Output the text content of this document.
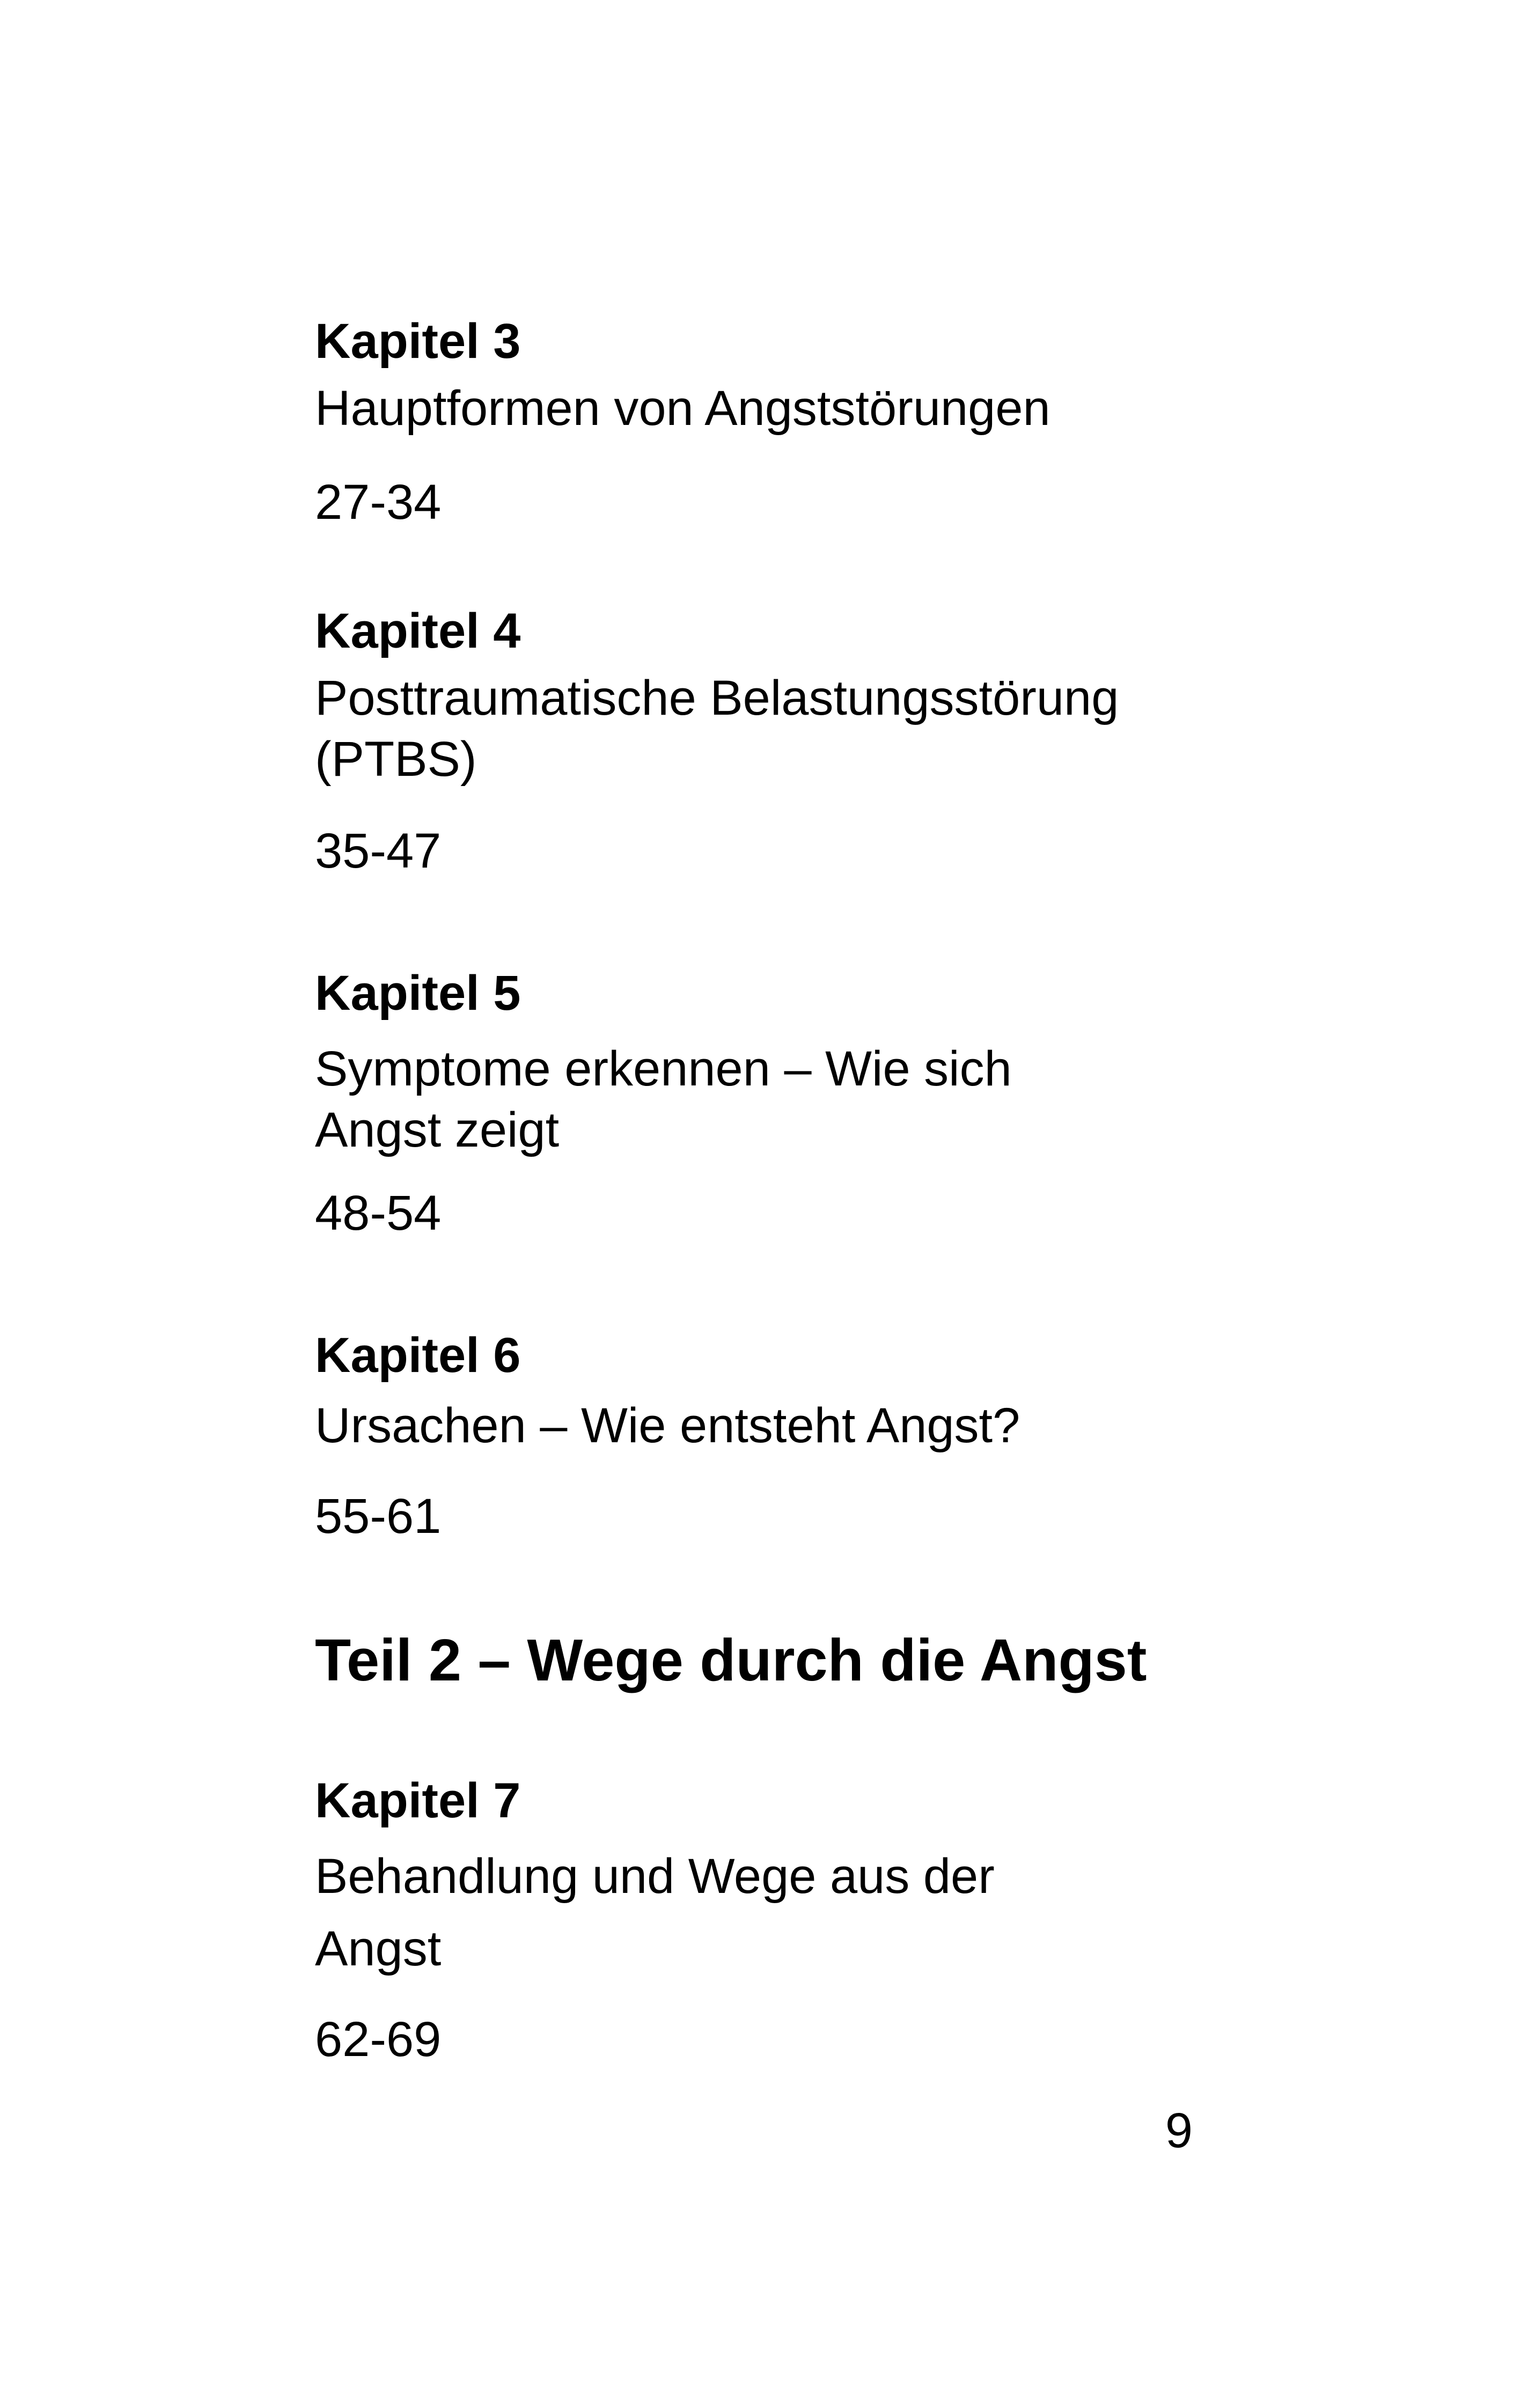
Kapitel 3
Hauptformen von Angststörungen
27-34
Kapitel 4
Posttraumatische Belastungsstörung (PTBS)
35-47
Kapitel 5
Symptome erkennen – Wie sich Angst zeigt
48-54
Kapitel 6
Ursachen – Wie entsteht Angst?
55-61
Teil 2 – Wege durch die Angst
Kapitel 7
Behandlung und Wege aus der Angst
62-69
9
